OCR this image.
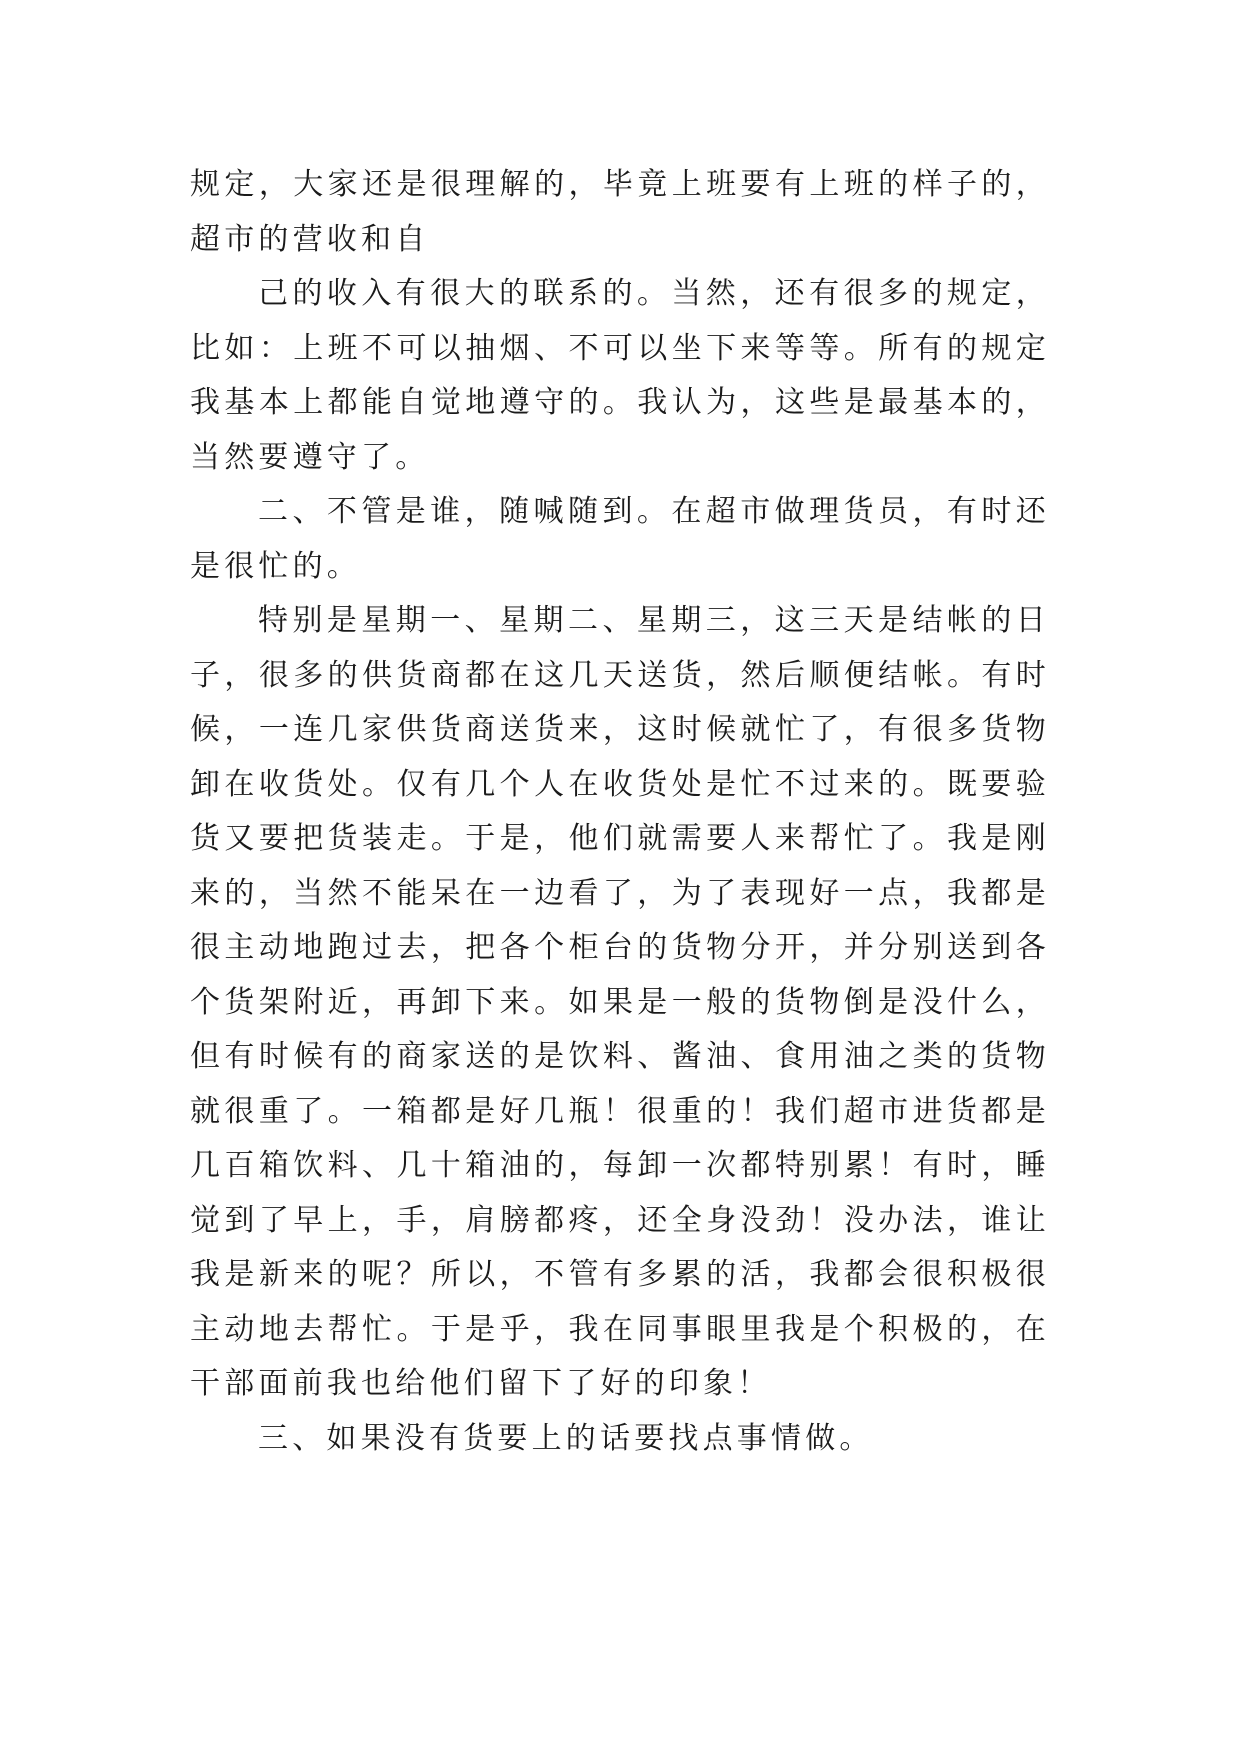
规定，大家还是很理解的，毕竟上班要有上班的样子的，超市的营收和自

己的收入有很大的联系的。当然，还有很多的规定，比如：上班不可以抽烟、不可以坐下来等等。所有的规定我基本上都能自觉地遵守的。我认为，这些是最基本的，当然要遵守了。

二、不管是谁，随喊随到。在超市做理货员，有时还是很忙的。

特别是星期一、星期二、星期三，这三天是结帐的日子，很多的供货商都在这几天送货，然后顺便结帐。有时候，一连几家供货商送货来，这时候就忙了，有很多货物卸在收货处。仅有几个人在收货处是忙不过来的。既要验货又要把货装走。于是，他们就需要人来帮忙了。我是刚来的，当然不能呆在一边看了，为了表现好一点，我都是很主动地跑过去，把各个柜台的货物分开，并分别送到各个货架附近，再卸下来。如果是一般的货物倒是没什么，但有时候有的商家送的是饮料、酱油、食用油之类的货物就很重了。一箱都是好几瓶！很重的！我们超市进货都是几百箱饮料、几十箱油的，每卸一次都特别累！有时，睡觉到了早上，手，肩膀都疼，还全身没劲！没办法，谁让我是新来的呢？所以，不管有多累的活，我都会很积极很主动地去帮忙。于是乎，我在同事眼里我是个积极的，在干部面前我也给他们留下了好的印象！

三、如果没有货要上的话要找点事情做。
